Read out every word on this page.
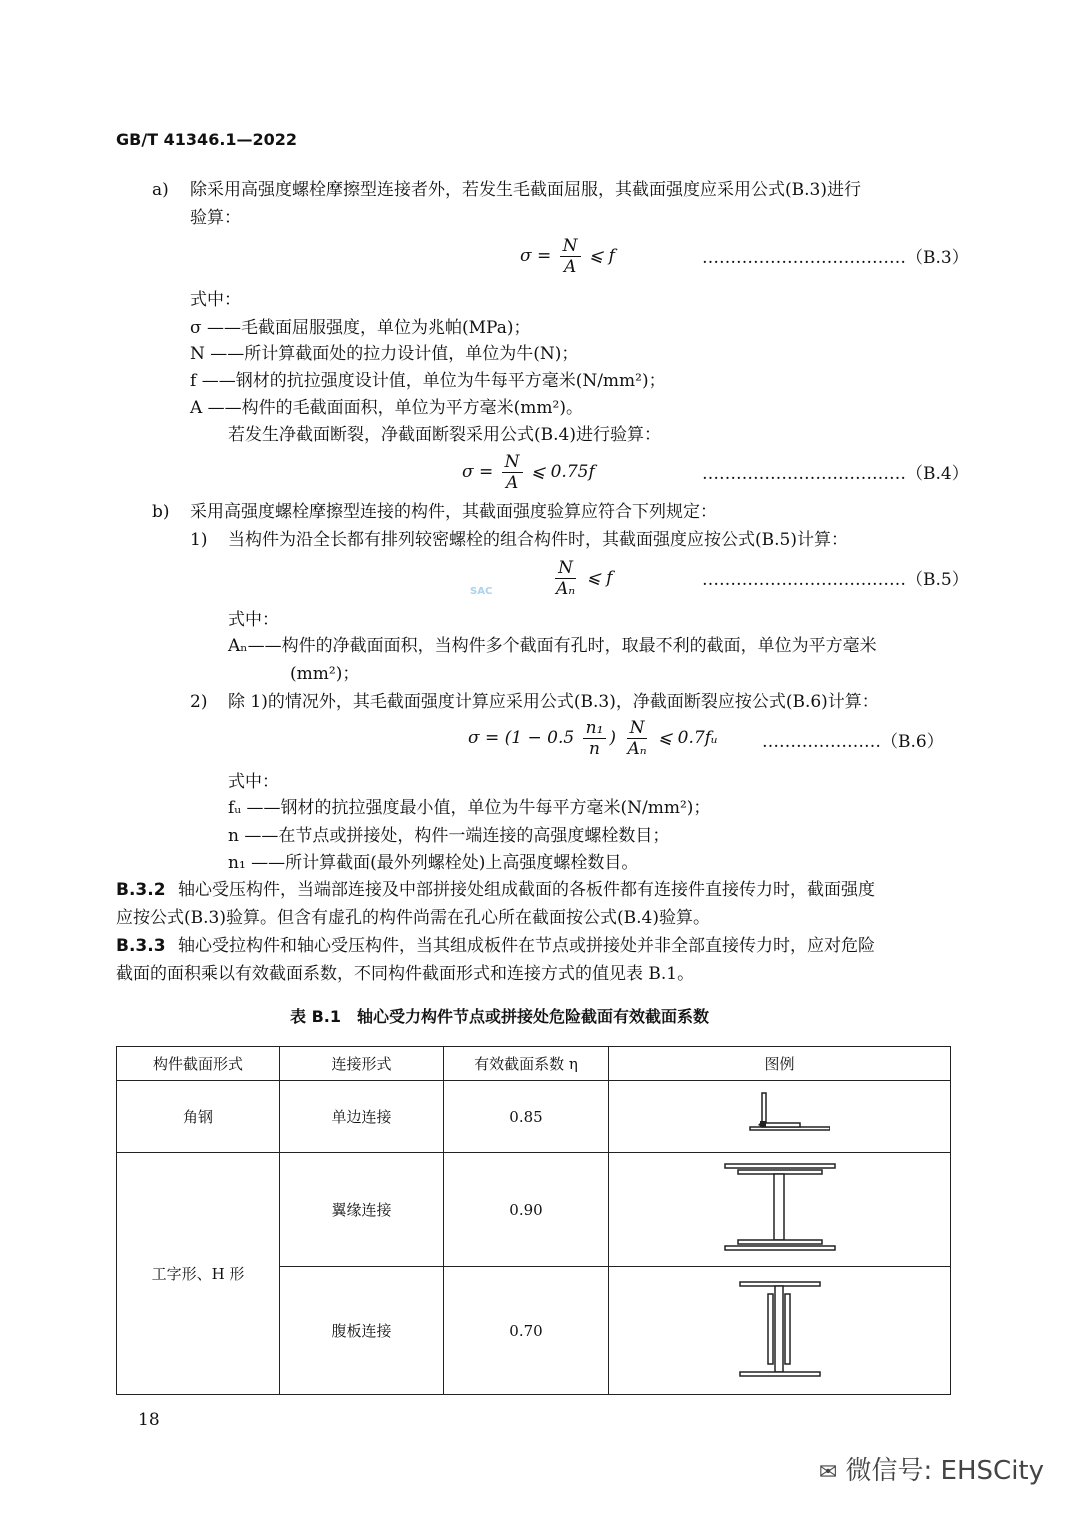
GB/T 41346.1—2022
a) 除采用高强度螺栓摩擦型连接者外，若发生毛截面屈服，其截面强度应采用公式(B.3)进行
验算：
$\sigma = \frac{N}{A}$ ⩽ f	………………………………（B.3）
式中：
σ ——毛截面屈服强度，单位为兆帕(MPa)；
N ——所计算截面处的拉力设计值，单位为牛(N)；
f ——钢材的抗拉强度设计值，单位为牛每平方毫米(N/mm²)；
A ——构件的毛截面面积，单位为平方毫米(mm²)。
若发生净截面断裂，净截面断裂采用公式(B.4)进行验算：
$\sigma = \frac{N}{A}$ ⩽ 0.75f	………………………………（B.4）
b) 采用高强度螺栓摩擦型连接的构件，其截面强度验算应符合下列规定：
1) 当构件为沿全长都有排列较密螺栓的组合构件时，其截面强度应按公式(B.5)计算：
$\frac{N}{\text{Aₙ}}$ ⩽ f
SAC
………………………………（B.5）
式中：
Aₙ——构件的净截面面积，当构件多个截面有孔时，取最不利的截面，单位为平方毫米
(mm²)；
2) 除 1)的情况外，其毛截面强度计算应采用公式(B.3)，净截面断裂应按公式(B.6)计算：
$\sigma = (1 - 0.5 \frac{\text{n₁}}{n}$ ) $\frac{N}{\text{Aₙ}}$ ⩽ 0.7fᵤ	…………………（B.6）
式中：
fᵤ ——钢材的抗拉强度最小值，单位为牛每平方毫米(N/mm²)；
n ——在节点或拼接处，构件一端连接的高强度螺栓数目；
n₁ ——所计算截面(最外列螺栓处)上高强度螺栓数目。
B.3.2 轴心受压构件，当端部连接及中部拼接处组成截面的各板件都有连接件直接传力时，截面强度
应按公式(B.3)验算。但含有虚孔的构件尚需在孔心所在截面按公式(B.4)验算。
B.3.3 轴心受拉构件和轴心受压构件，当其组成板件在节点或拼接处并非全部直接传力时，应对危险
截面的面积乘以有效截面系数，不同构件截面形式和连接方式的值见表 B.1。
表 B.1　轴心受力构件节点或拼接处危险截面有效截面系数
构件截面形式	连接形式	有效截面系数 η	图例
角钢	单边连接	0.85	
工字形、H 形	翼缘连接	0.90	
	腹板连接	0.70	
18
✉ 微信号: EHSCity
